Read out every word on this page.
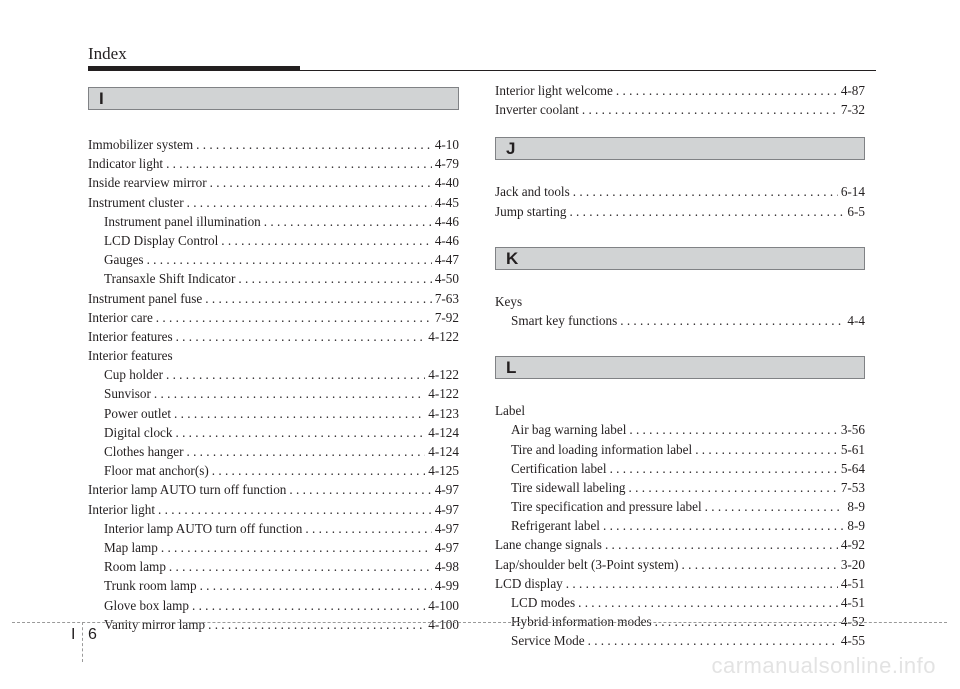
Index
I
Immobilizer system . . .	4-10
Indicator light . . .	4-79
Inside rearview mirror . . .	4-40
Instrument cluster . . .	4-45
Instrument panel illumination . . .	4-46
LCD Display Control . . .	4-46
Gauges . . .	4-47
Transaxle Shift Indicator . . .	4-50
Instrument panel fuse . . .	7-63
Interior care . . .	7-92
Interior features . . .	4-122
Interior features
Cup holder . . .	4-122
Sunvisor . . .	4-122
Power outlet . . .	4-123
Digital clock . . .	4-124
Clothes hanger . . .	4-124
Floor mat anchor(s) . . .	4-125
Interior lamp AUTO turn off function . . .	4-97
Interior light . . .	4-97
Interior lamp AUTO turn off function . . .	4-97
Map lamp . . .	4-97
Room lamp . . .	4-98
Trunk room lamp . . .	4-99
Glove box lamp . . .	4-100
Vanity mirror lamp . . .	4-100
Interior light welcome . . .	4-87
Inverter coolant . . .	7-32
J
Jack and tools . . .	6-14
Jump starting . . .	6-5
K
Keys
Smart key functions . . .	4-4
L
Label
Air bag warning label . . .	3-56
Tire and loading information label . . .	5-61
Certification label . . .	5-64
Tire sidewall labeling . . .	7-53
Tire specification and pressure label . . .	8-9
Refrigerant label . . .	8-9
Lane change signals . . .	4-92
Lap/shoulder belt (3-Point system) . . .	3-20
LCD display . . .	4-51
LCD modes . . .	4-51
Hybrid information modes . . .	4-52
Service Mode . . .	4-55
I 6
carmanualsonline.info
